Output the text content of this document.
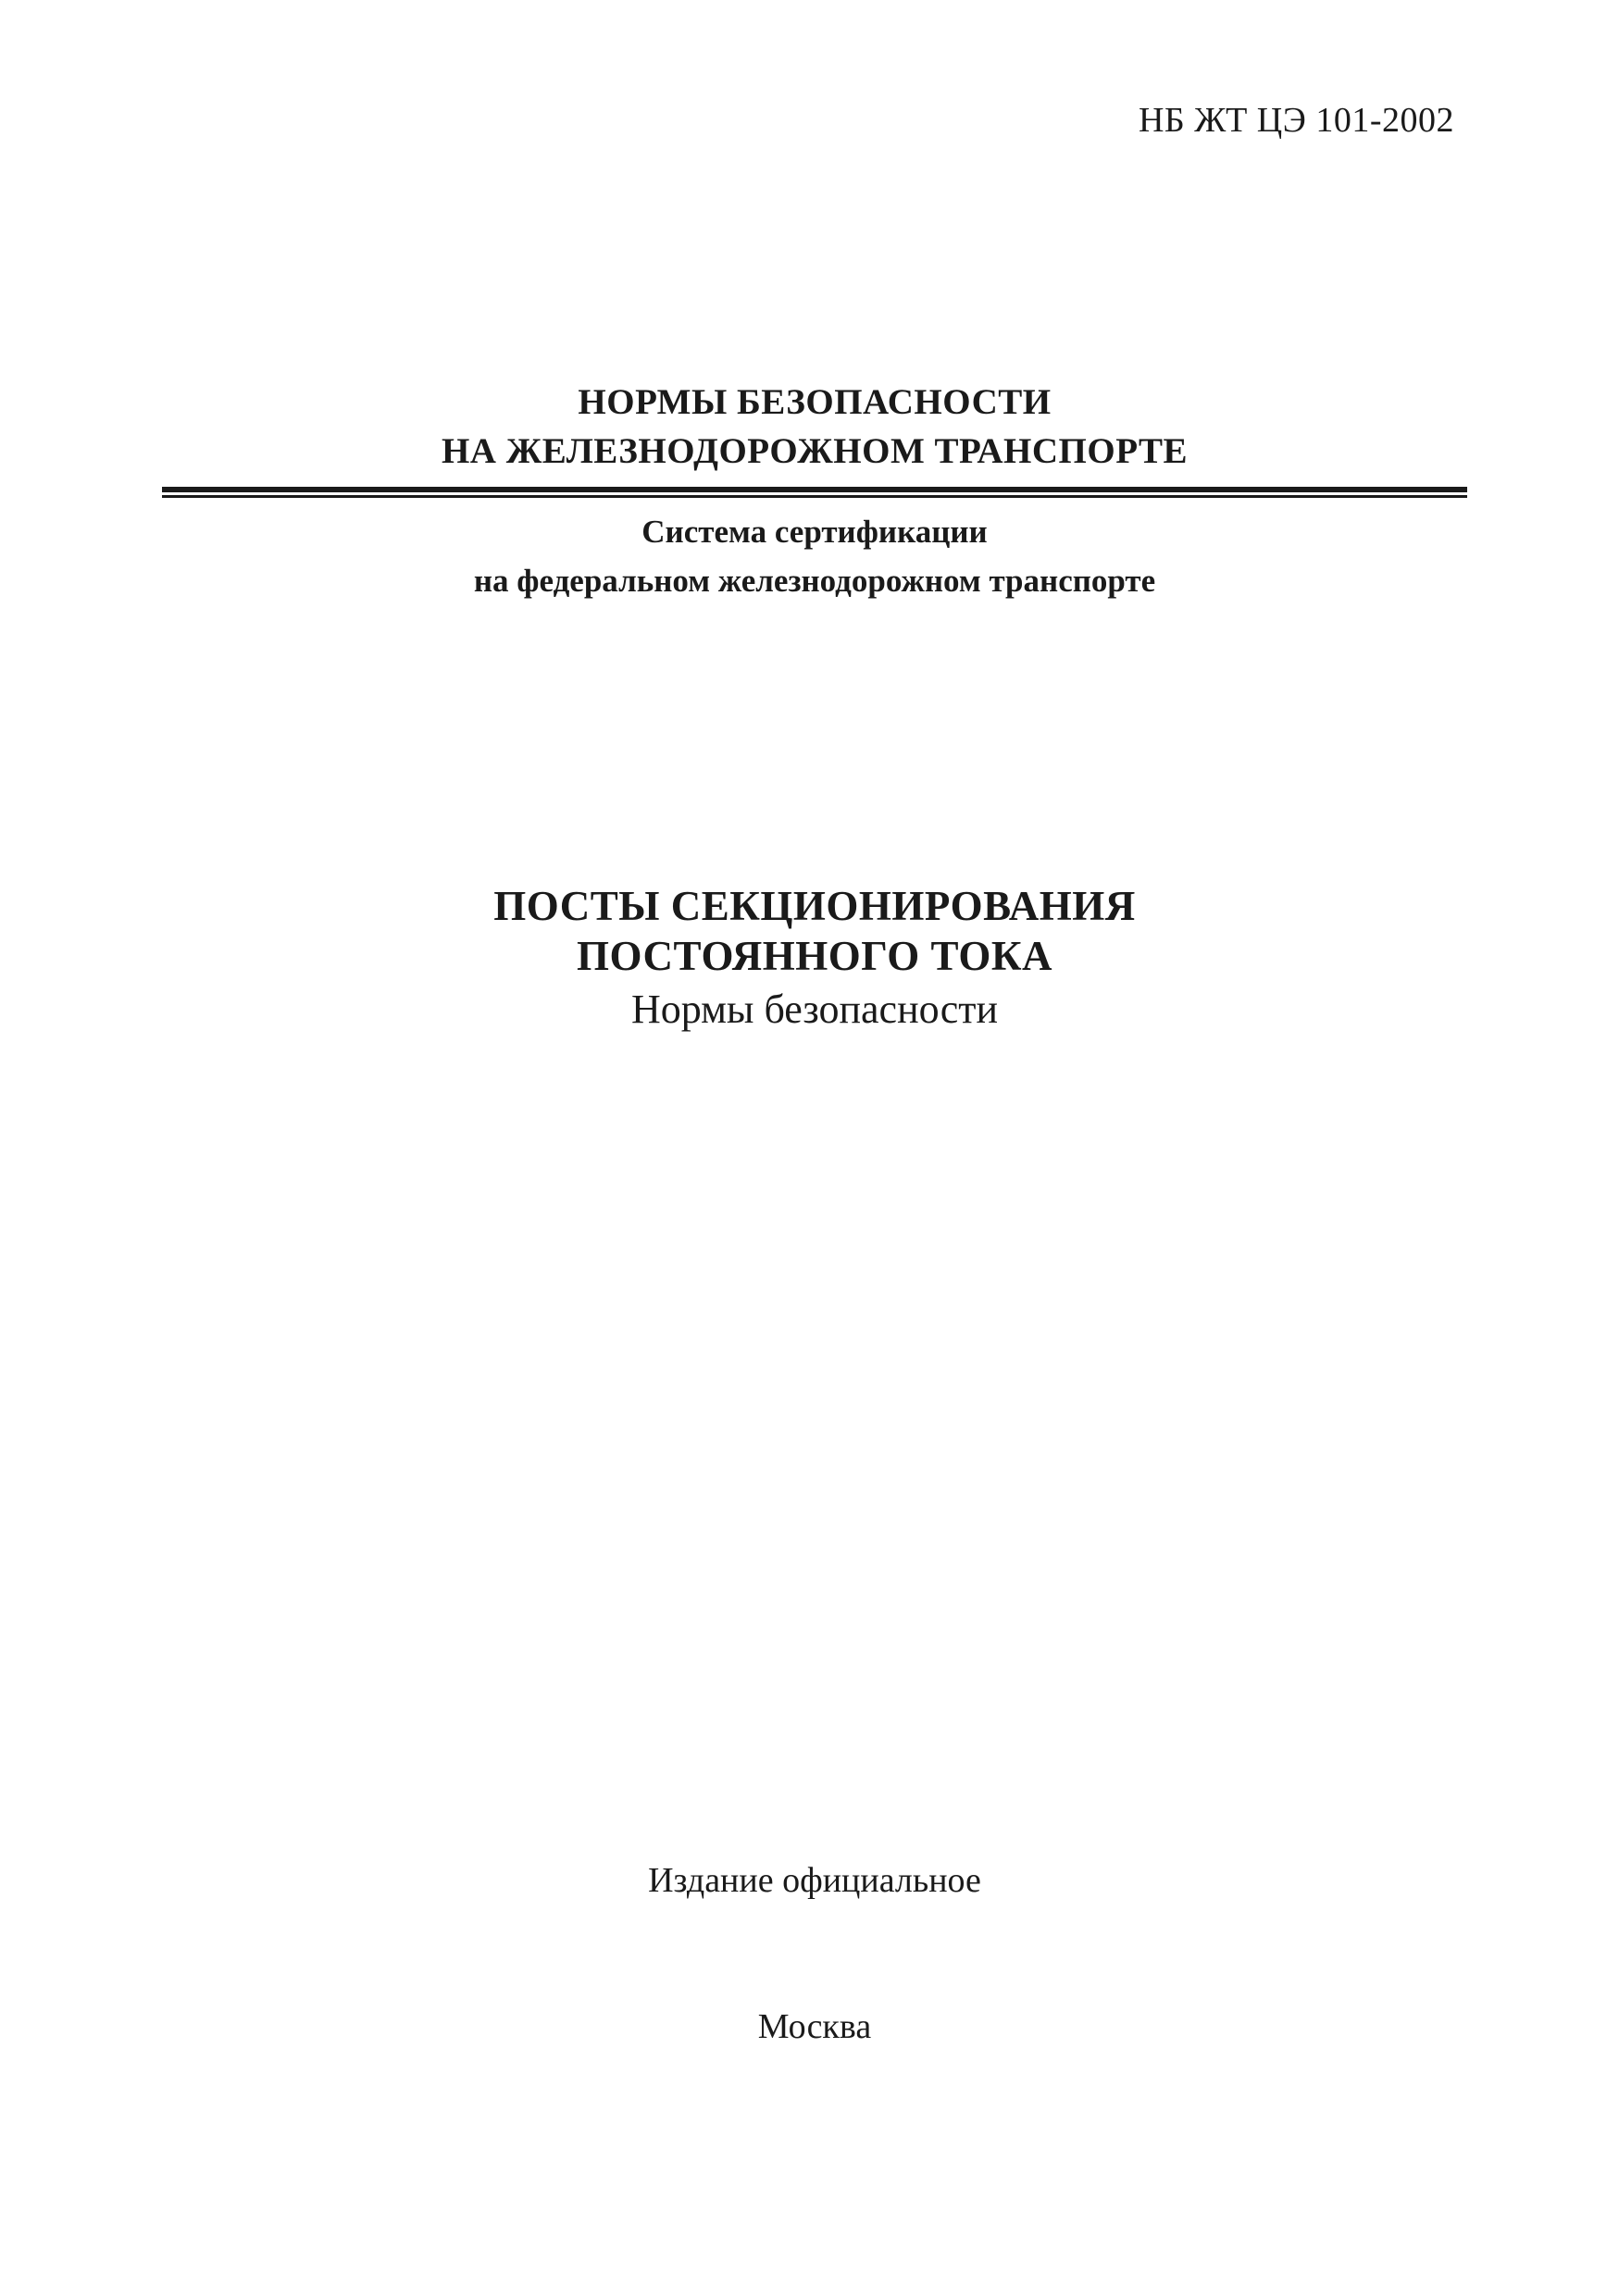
НБ ЖТ ЦЭ 101-2002
НОРМЫ БЕЗОПАСНОСТИ
НА ЖЕЛЕЗНОДОРОЖНОМ ТРАНСПОРТЕ
Система сертификации
на федеральном железнодорожном транспорте
ПОСТЫ СЕКЦИОНИРОВАНИЯ
ПОСТОЯННОГО ТОКА
Нормы безопасности
Издание официальное
Москва
